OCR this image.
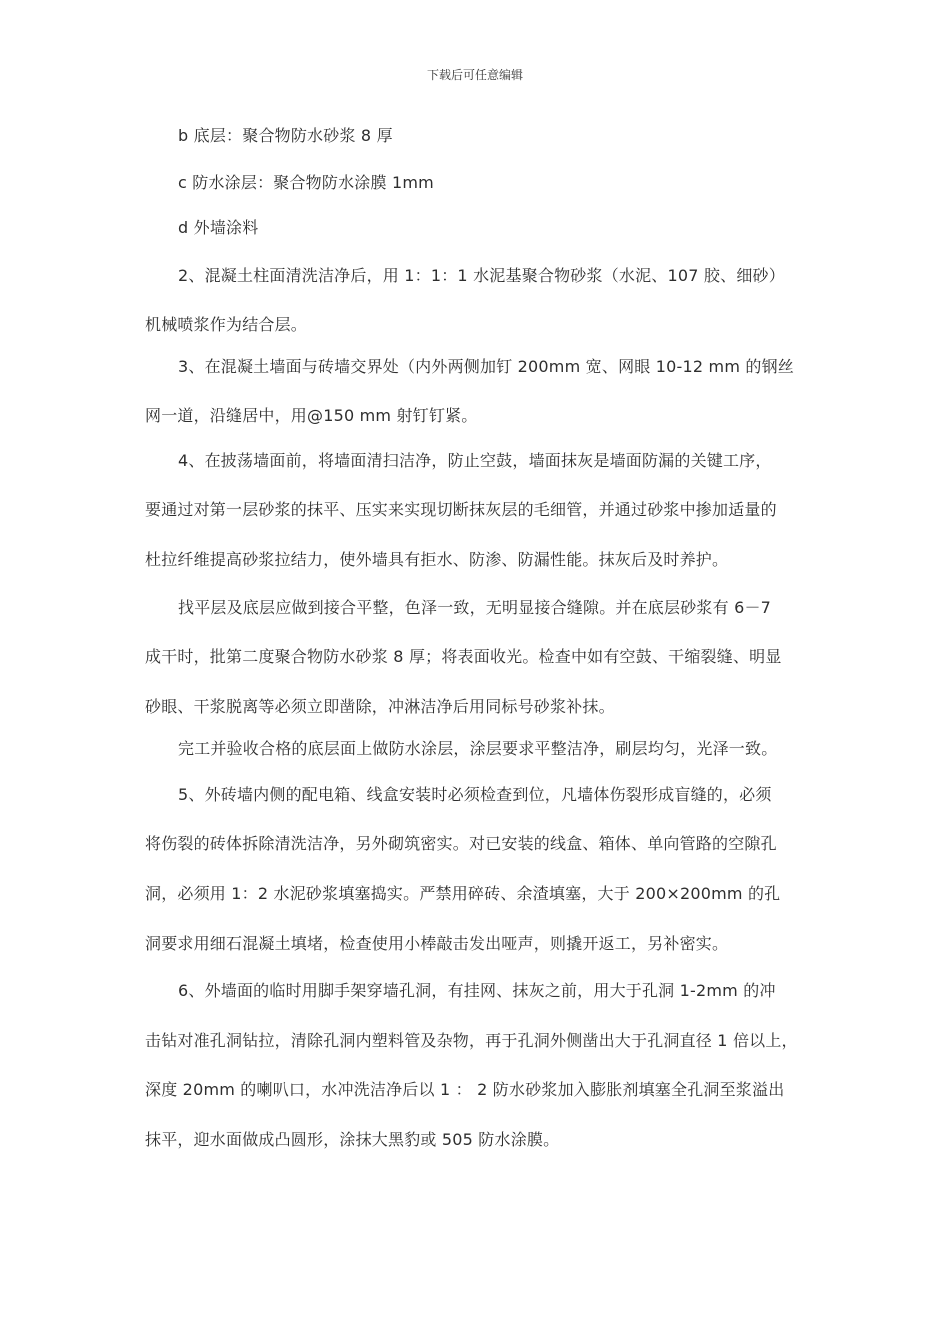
下载后可任意编辑
b 底层：聚合物防水砂浆 8 厚
c 防水涂层：聚合物防水涂膜 1mm
d 外墙涂料
2、混凝土柱面清洗洁净后，用 1：1：1 水泥基聚合物砂浆（水泥、107 胶、细砂）
机械喷浆作为结合层。
3、在混凝土墙面与砖墙交界处（内外两侧加钉 200mm 宽、网眼 10-12 mm 的钢丝
网一道，沿缝居中，用@150 mm 射钉钉紧。
4、在披荡墙面前，将墙面清扫洁净，防止空鼓，墙面抹灰是墙面防漏的关键工序，
要通过对第一层砂浆的抹平、压实来实现切断抹灰层的毛细管，并通过砂浆中掺加适量的
杜拉纤维提高砂浆拉结力，使外墙具有拒水、防渗、防漏性能。抹灰后及时养护。
找平层及底层应做到接合平整，色泽一致，无明显接合缝隙。并在底层砂浆有 6－7
成干时，批第二度聚合物防水砂浆 8 厚；将表面收光。检查中如有空鼓、干缩裂缝、明显
砂眼、干浆脱离等必须立即凿除，冲淋洁净后用同标号砂浆补抹。
完工并验收合格的底层面上做防水涂层，涂层要求平整洁净，刷层均匀，光泽一致。
5、外砖墙内侧的配电箱、线盒安装时必须检查到位，凡墙体伤裂形成盲缝的，必须
将伤裂的砖体拆除清洗洁净，另外砌筑密实。对已安装的线盒、箱体、单向管路的空隙孔
洞，必须用 1：2 水泥砂浆填塞捣实。严禁用碎砖、余渣填塞，大于 200×200mm 的孔
洞要求用细石混凝土填堵，检查使用小棒敲击发出哑声，则撬开返工，另补密实。
6、外墙面的临时用脚手架穿墙孔洞，有挂网、抹灰之前，用大于孔洞 1-2mm 的冲
击钻对准孔洞钻拉，清除孔洞内塑料管及杂物，再于孔洞外侧凿出大于孔洞直径 1 倍以上，
深度 20mm 的喇叭口，水冲洗洁净后以 1 ： 2 防水砂浆加入膨胀剂填塞全孔洞至浆溢出
抹平，迎水面做成凸圆形，涂抹大黑豹或 505 防水涂膜。
